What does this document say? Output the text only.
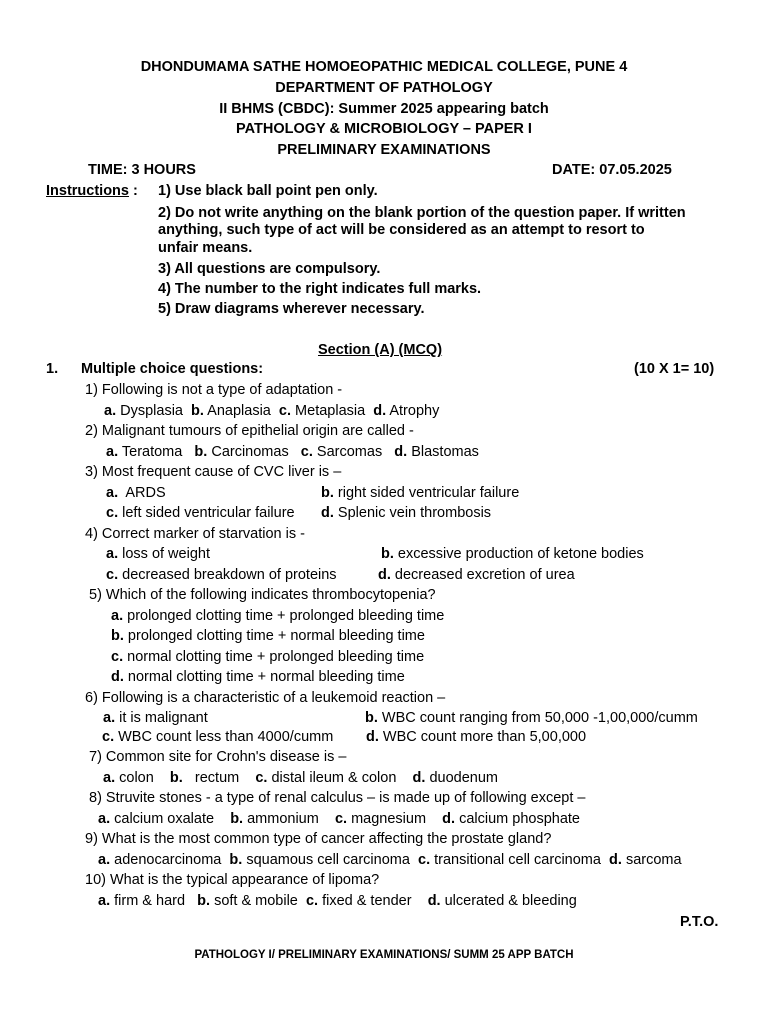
DHONDUMAMA SATHE HOMOEOPATHIC MEDICAL COLLEGE, PUNE 4
DEPARTMENT OF PATHOLOGY
II BHMS (CBDC): Summer 2025 appearing batch
PATHOLOGY & MICROBIOLOGY – PAPER I
PRELIMINARY EXAMINATIONS
TIME: 3 HOURS	DATE: 07.05.2025
Instructions : 1) Use black ball point pen only.
2) Do not write anything on the blank portion of the question paper. If written
anything, such type of act will be considered as an attempt to resort to
unfair means.
3) All questions are compulsory.
4) The number to the right indicates full marks.
5) Draw diagrams wherever necessary.
Section (A) (MCQ)
1. Multiple choice questions:	(10 X 1= 10)
1) Following is not a type of adaptation -
a. Dysplasia b. Anaplasia c. Metaplasia d. Atrophy
2) Malignant tumours of epithelial origin are called -
a. Teratoma b. Carcinomas c. Sarcomas d. Blastomas
3) Most frequent cause of CVC liver is –
a. ARDS	b. right sided ventricular failure
c. left sided ventricular failure d. Splenic vein thrombosis
4) Correct marker of starvation is -
a. loss of weight	b. excessive production of ketone bodies
c. decreased breakdown of proteins	d. decreased excretion of urea
5) Which of the following indicates thrombocytopenia?
a. prolonged clotting time + prolonged bleeding time
b. prolonged clotting time + normal bleeding time
c. normal clotting time + prolonged bleeding time
d. normal clotting time + normal bleeding time
6) Following is a characteristic of a leukemoid reaction –
a. it is malignant	b. WBC count ranging from 50,000 -1,00,000/cumm
c. WBC count less than 4000/cumm d. WBC count more than 5,00,000
7) Common site for Crohn's disease is –
a. colon b. rectum c. distal ileum & colon d. duodenum
8) Struvite stones - a type of renal calculus – is made up of following except –
a. calcium oxalate b. ammonium c. magnesium d. calcium phosphate
9) What is the most common type of cancer affecting the prostate gland?
a. adenocarcinoma b. squamous cell carcinoma c. transitional cell carcinoma d. sarcoma
10) What is the typical appearance of lipoma?
a. firm & hard b. soft & mobile c. fixed & tender d. ulcerated & bleeding
P.T.O.
PATHOLOGY I/ PRELIMINARY EXAMINATIONS/ SUMM 25 APP BATCH
